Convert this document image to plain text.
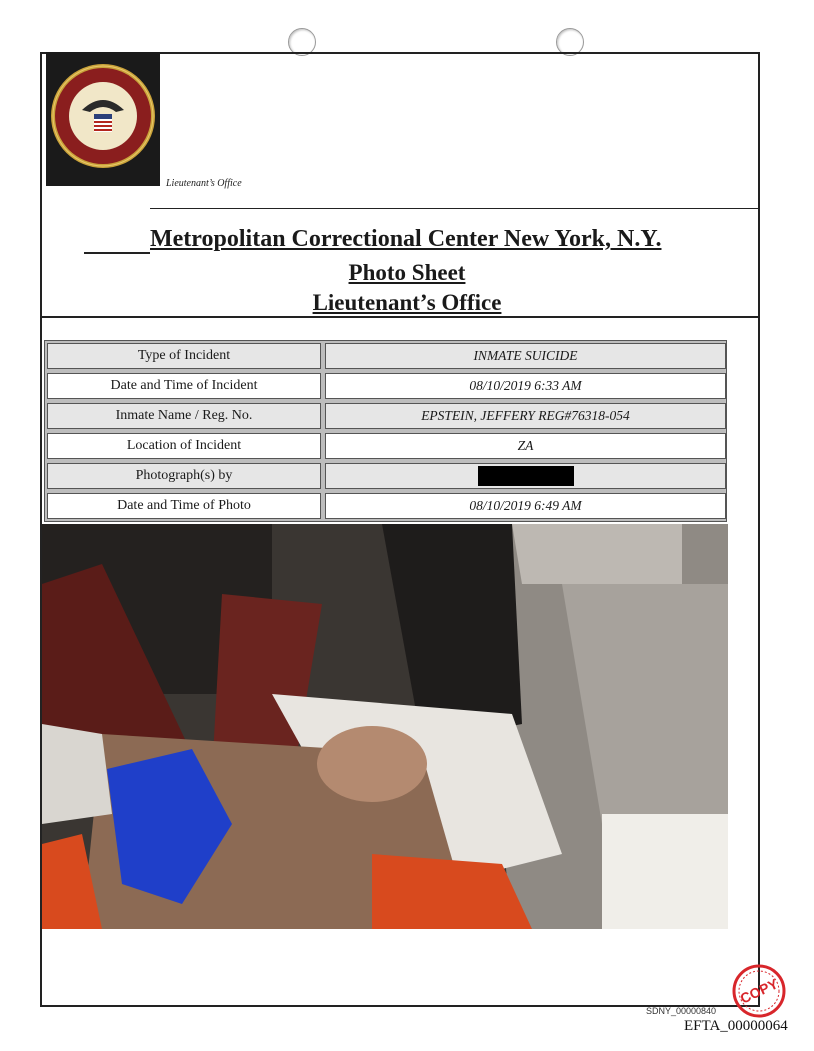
Lieutenant’s Office
Metropolitan Correctional Center New York, N.Y.
Photo Sheet
Lieutenant’s Office
Type of Incident	INMATE SUICIDE
Date and Time of Incident	08/10/2019 6:33 AM
Inmate Name / Reg. No.	EPSTEIN, JEFFERY REG#76318-054
Location of Incident	ZA
Photograph(s) by
Date and Time of Photo	08/10/2019 6:49 AM
SDNY_00000840
EFTA_00000064
COPY
